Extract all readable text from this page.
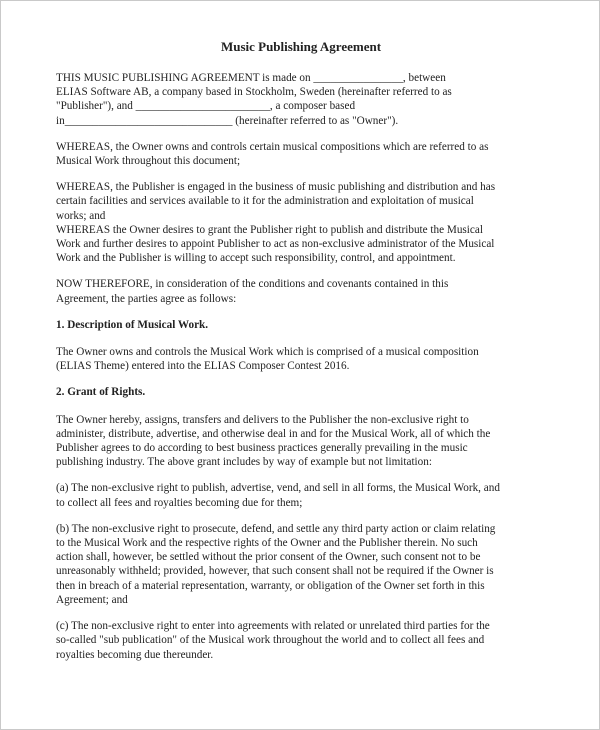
Music Publishing Agreement
THIS MUSIC PUBLISHING AGREEMENT is made on ________________, between
ELIAS Software AB, a company based in Stockholm, Sweden (hereinafter referred to as
"Publisher"), and ________________________, a composer based
in______________________________ (hereinafter referred to as "Owner").
WHEREAS, the Owner owns and controls certain musical compositions which are referred to as
Musical Work throughout this document;
WHEREAS, the Publisher is engaged in the business of music publishing and distribution and has
certain facilities and services available to it for the administration and exploitation of musical
works; and
WHEREAS the Owner desires to grant the Publisher right to publish and distribute the Musical
Work and further desires to appoint Publisher to act as non-exclusive administrator of the Musical
Work and the Publisher is willing to accept such responsibility, control, and appointment.
NOW THEREFORE, in consideration of the conditions and covenants contained in this
Agreement, the parties agree as follows:
1. Description of Musical Work.
The Owner owns and controls the Musical Work which is comprised of a musical composition
(ELIAS Theme) entered into the ELIAS Composer Contest 2016.
2. Grant of Rights.
The Owner hereby, assigns, transfers and delivers to the Publisher the non-exclusive right to
administer, distribute, advertise, and otherwise deal in and for the Musical Work, all of which the
Publisher agrees to do according to best business practices generally prevailing in the music
publishing industry. The above grant includes by way of example but not limitation:
(a) The non-exclusive right to publish, advertise, vend, and sell in all forms, the Musical Work, and
to collect all fees and royalties becoming due for them;
(b) The non-exclusive right to prosecute, defend, and settle any third party action or claim relating
to the Musical Work and the respective rights of the Owner and the Publisher therein. No such
action shall, however, be settled without the prior consent of the Owner, such consent not to be
unreasonably withheld; provided, however, that such consent shall not be required if the Owner is
then in breach of a material representation, warranty, or obligation of the Owner set forth in this
Agreement; and
(c) The non-exclusive right to enter into agreements with related or unrelated third parties for the
so-called "sub publication" of the Musical work throughout the world and to collect all fees and
royalties becoming due thereunder.
